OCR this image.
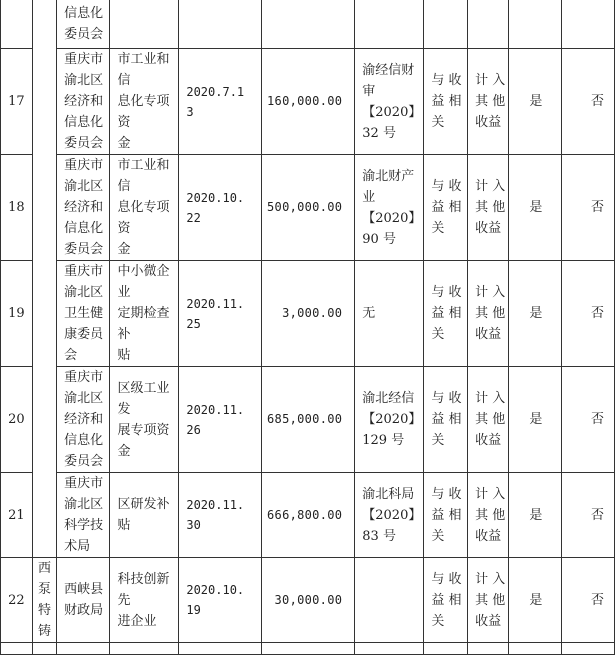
		信息化
委员会								
17		重庆市
渝北区
经济和
信息化
委员会	市工业和信
息化专项资
金	2020.7.1
3	160,000.00	渝经信财
审【2020】
32 号	与 收
益 相
关	计 入
其 他
收益	是	否
18		重庆市
渝北区
经济和
信息化
委员会	市工业和信
息化专项资
金	2020.10.
22	500,000.00	渝北财产
业【2020】
90 号	与 收
益 相
关	计 入
其 他
收益	是	否
19		重庆市
渝北区
卫生健
康委员
会	中小微企业
定期检查补
贴	2020.11.
25	3,000.00	无	与 收
益 相
关	计 入
其 他
收益	是	否
20		重庆市
渝北区
经济和
信息化
委员会	区级工业发
展专项资金	2020.11.
26	685,000.00	渝北经信
【2020】
129 号	与 收
益 相
关	计 入
其 他
收益	是	否
21		重庆市
渝北区
科学技
术局	区研发补贴	2020.11.
30	666,800.00	渝北科局
【2020】
83 号	与 收
益 相
关	计 入
其 他
收益	是	否
22	西
泵
特
铸	西峡县
财政局	科技创新先
进企业	2020.10.
19	30,000.00		与 收
益 相
关	计 入
其 他
收益	是	否
